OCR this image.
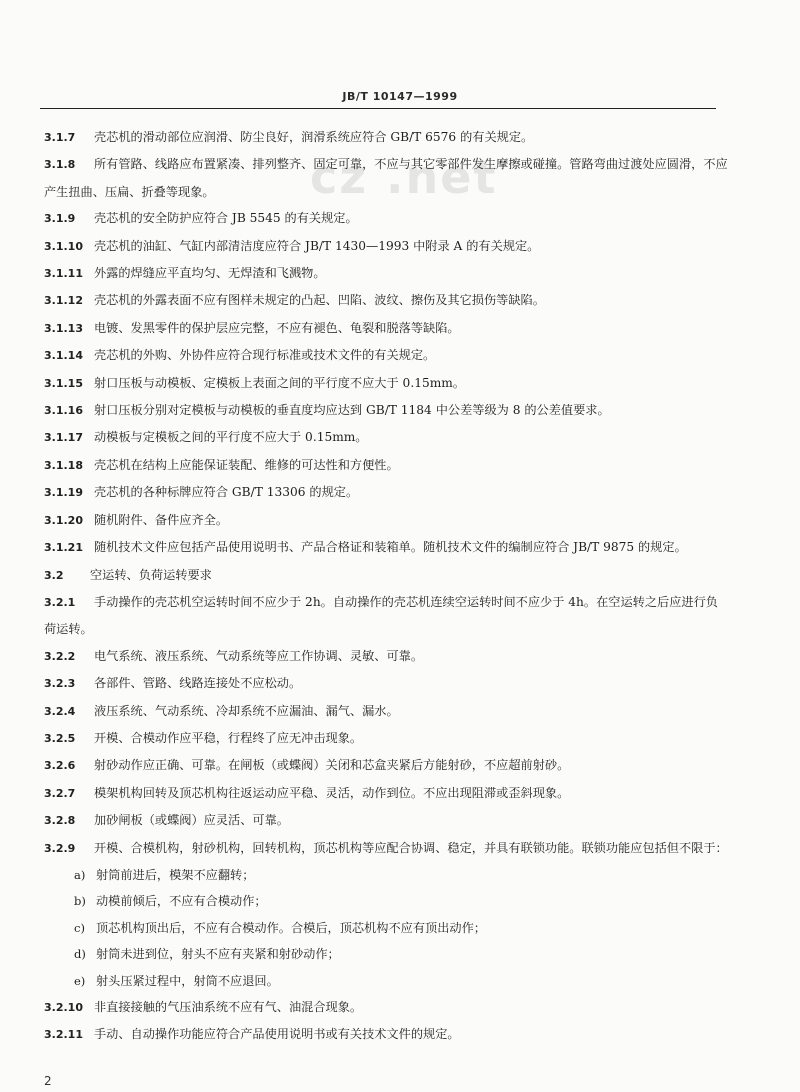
JB/T 10147—1999
cz .net
3.1.7 壳芯机的滑动部位应润滑、防尘良好，润滑系统应符合 GB/T 6576 的有关规定。
3.1.8 所有管路、线路应布置紧凑、排列整齐、固定可靠，不应与其它零部件发生摩擦或碰撞。管路弯曲过渡处应圆滑，不应产生扭曲、压扁、折叠等现象。
3.1.9 壳芯机的安全防护应符合 JB 5545 的有关规定。
3.1.10 壳芯机的油缸、气缸内部清洁度应符合 JB/T 1430—1993 中附录 A 的有关规定。
3.1.11 外露的焊缝应平直均匀、无焊渣和飞溅物。
3.1.12 壳芯机的外露表面不应有图样未规定的凸起、凹陷、波纹、擦伤及其它损伤等缺陷。
3.1.13 电镀、发黑零件的保护层应完整，不应有褪色、龟裂和脱落等缺陷。
3.1.14 壳芯机的外购、外协件应符合现行标准或技术文件的有关规定。
3.1.15 射口压板与动模板、定模板上表面之间的平行度不应大于 0.15mm。
3.1.16 射口压板分别对定模板与动模板的垂直度均应达到 GB/T 1184 中公差等级为 8 的公差值要求。
3.1.17 动模板与定模板之间的平行度不应大于 0.15mm。
3.1.18 壳芯机在结构上应能保证装配、维修的可达性和方便性。
3.1.19 壳芯机的各种标牌应符合 GB/T 13306 的规定。
3.1.20 随机附件、备件应齐全。
3.1.21 随机技术文件应包括产品使用说明书、产品合格证和装箱单。随机技术文件的编制应符合 JB/T 9875 的规定。
3.2 空运转、负荷运转要求
3.2.1 手动操作的壳芯机空运转时间不应少于 2h。自动操作的壳芯机连续空运转时间不应少于 4h。在空运转之后应进行负荷运转。
3.2.2 电气系统、液压系统、气动系统等应工作协调、灵敏、可靠。
3.2.3 各部件、管路、线路连接处不应松动。
3.2.4 液压系统、气动系统、冷却系统不应漏油、漏气、漏水。
3.2.5 开模、合模动作应平稳，行程终了应无冲击现象。
3.2.6 射砂动作应正确、可靠。在闸板（或蝶阀）关闭和芯盒夹紧后方能射砂，不应超前射砂。
3.2.7 模架机构回转及顶芯机构往返运动应平稳、灵活，动作到位。不应出现阻滞或歪斜现象。
3.2.8 加砂闸板（或蝶阀）应灵活、可靠。
3.2.9 开模、合模机构，射砂机构，回转机构，顶芯机构等应配合协调、稳定，并具有联锁功能。联锁功能应包括但不限于：
a) 射筒前进后，模架不应翻转；
b) 动模前倾后，不应有合模动作；
c) 顶芯机构顶出后，不应有合模动作。合模后，顶芯机构不应有顶出动作；
d) 射筒未进到位，射头不应有夹紧和射砂动作；
e) 射头压紧过程中，射筒不应退回。
3.2.10 非直接接触的气压油系统不应有气、油混合现象。
3.2.11 手动、自动操作功能应符合产品使用说明书或有关技术文件的规定。
2
